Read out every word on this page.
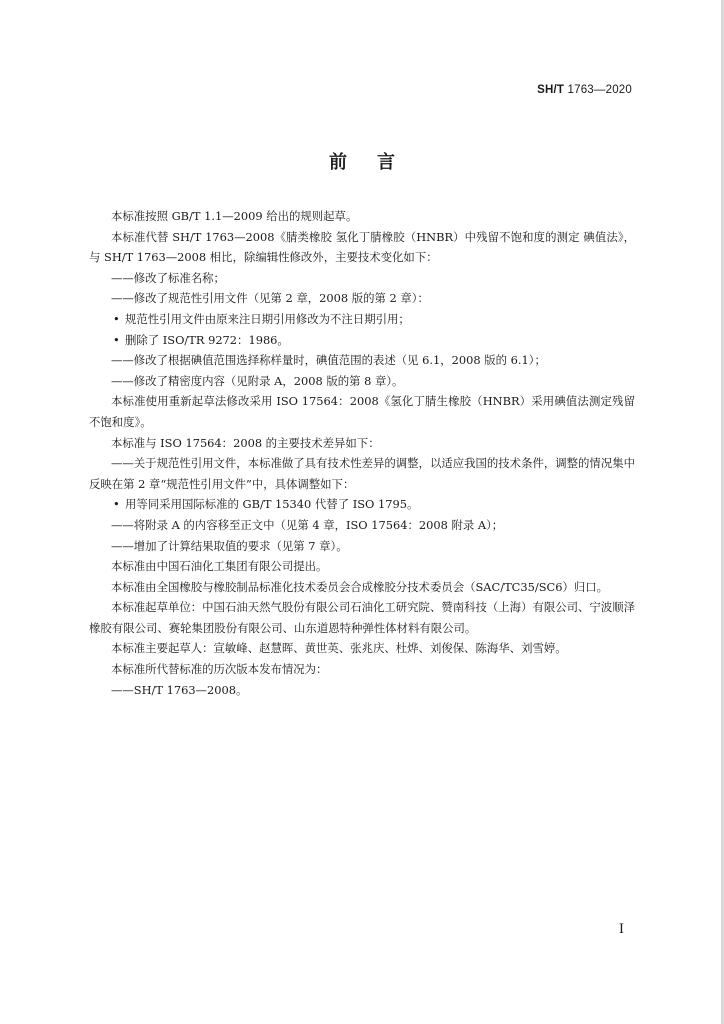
SH/T 1763—2020
前言

本标准按照 GB/T 1.1—2009 给出的规则起草。

本标准代替 SH/T 1763—2008《腈类橡胶 氢化丁腈橡胶（HNBR）中残留不饱和度的测定 碘值法》，与 SH/T 1763—2008 相比，除编辑性修改外，主要技术变化如下：

——修改了标准名称；

——修改了规范性引用文件（见第 2 章，2008 版的第 2 章）：

• 规范性引用文件由原来注日期引用修改为不注日期引用；

• 删除了 ISO/TR 9272：1986。

——修改了根据碘值范围选择称样量时，碘值范围的表述（见 6.1，2008 版的 6.1）；

——修改了精密度内容（见附录 A，2008 版的第 8 章）。

本标准使用重新起草法修改采用 ISO 17564：2008《氢化丁腈生橡胶（HNBR）采用碘值法测定残留不饱和度》。

本标准与 ISO 17564：2008 的主要技术差异如下：

——关于规范性引用文件，本标准做了具有技术性差异的调整，以适应我国的技术条件，调整的情况集中反映在第 2 章“规范性引用文件”中，具体调整如下：

• 用等同采用国际标准的 GB/T 15340 代替了 ISO 1795。

——将附录 A 的内容移至正文中（见第 4 章，ISO 17564：2008 附录 A）；

——增加了计算结果取值的要求（见第 7 章）。

本标准由中国石油化工集团有限公司提出。

本标准由全国橡胶与橡胶制品标准化技术委员会合成橡胶分技术委员会（SAC/TC35/SC6）归口。

本标准起草单位：中国石油天然气股份有限公司石油化工研究院、赞南科技（上海）有限公司、宁波顺泽橡胶有限公司、赛轮集团股份有限公司、山东道恩特种弹性体材料有限公司。

本标准主要起草人：宣敏峰、赵慧晖、黄世英、张兆庆、杜烨、刘俊保、陈海华、刘雪婷。

本标准所代替标准的历次版本发布情况为：

——SH/T 1763—2008。

I
